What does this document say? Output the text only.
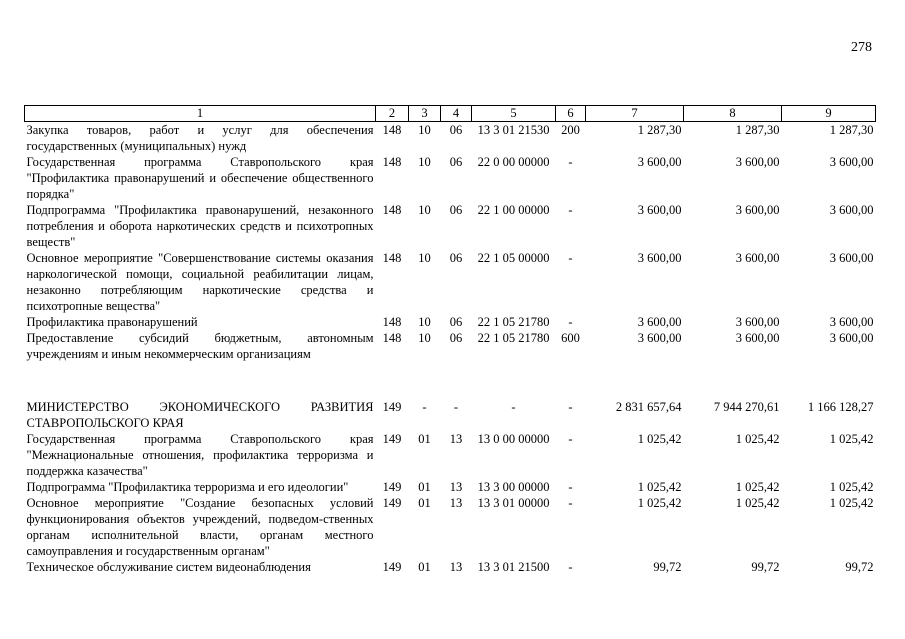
278
1	2	3	4	5	6	7	8	9
Закупка товаров, работ и услуг для обеспечения государственных (муниципальных) нужд	148	10	06	13 3 01 21530	200	1 287,30	1 287,30	1 287,30
Государственная программа Ставропольского края "Профилактика правонарушений и обеспечение общественного порядка"	148	10	06	22 0 00 00000	-	3 600,00	3 600,00	3 600,00
Подпрограмма "Профилактика правонарушений, незаконного потребления и оборота наркотических средств и психотропных веществ"	148	10	06	22 1 00 00000	-	3 600,00	3 600,00	3 600,00
Основное мероприятие "Совершенствование системы оказания наркологической помощи, социальной реабилитации лицам, незаконно потребляющим наркотические средства и психотропные вещества"	148	10	06	22 1 05 00000	-	3 600,00	3 600,00	3 600,00
Профилактика правонарушений	148	10	06	22 1 05 21780	-	3 600,00	3 600,00	3 600,00
Предоставление субсидий бюджетным, автономным учреждениям и иным некоммерческим организациям	148	10	06	22 1 05 21780	600	3 600,00	3 600,00	3 600,00

МИНИСТЕРСТВО ЭКОНОМИЧЕСКОГО РАЗВИТИЯ СТАВРОПОЛЬСКОГО КРАЯ	149	-	-	-	-	2 831 657,64	7 944 270,61	1 166 128,27
Государственная программа Ставропольского края "Межнациональные отношения, профилактика терроризма и поддержка казачества"	149	01	13	13 0 00 00000	-	1 025,42	1 025,42	1 025,42
Подпрограмма "Профилактика терроризма и его идеологии"	149	01	13	13 3 00 00000	-	1 025,42	1 025,42	1 025,42
Основное мероприятие "Создание безопасных условий функционирования объектов учреждений, подведом-ственных органам исполнительной власти, органам местного самоуправления и государственным органам"	149	01	13	13 3 01 00000	-	1 025,42	1 025,42	1 025,42
Техническое обслуживание систем видеонаблюдения	149	01	13	13 3 01 21500	-	99,72	99,72	99,72
